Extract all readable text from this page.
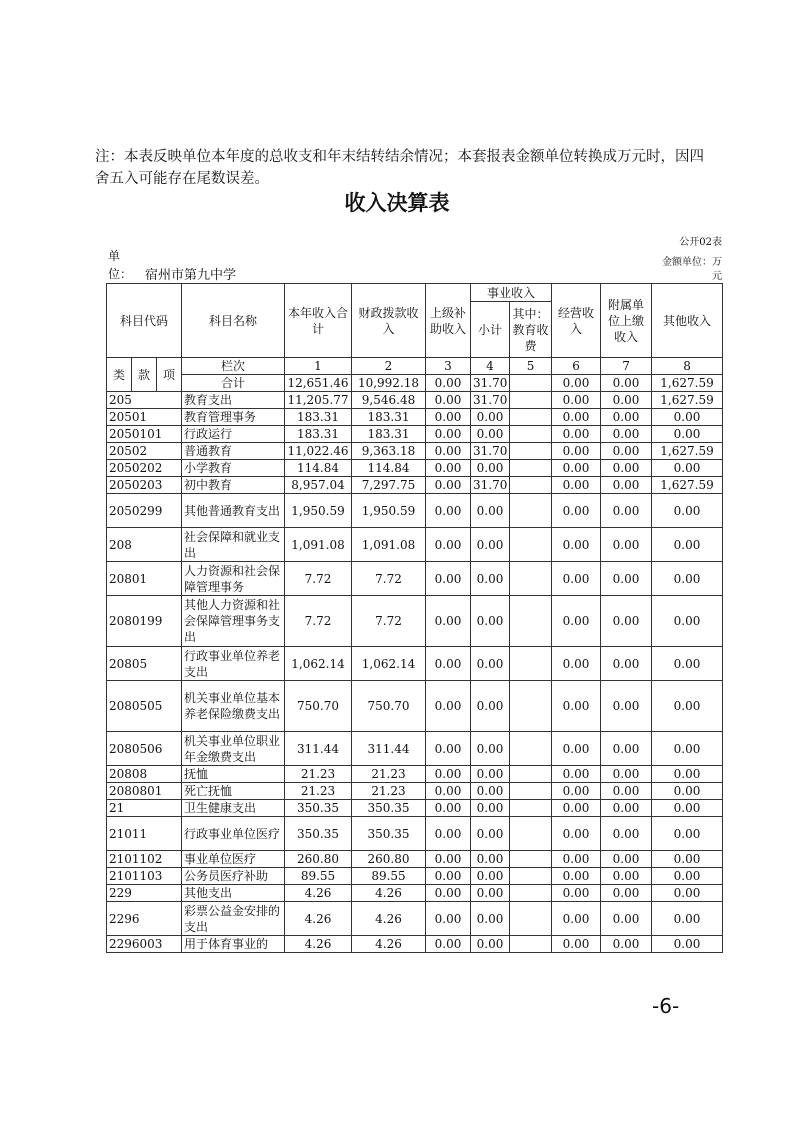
注：本表反映单位本年度的总收支和年末结转结余情况；本套报表金额单位转换成万元时，因四舍五入可能存在尾数误差。
收入决算表
公开02表
单
位： 宿州市第九中学
金额单位：万元
科目代码			科目名称	本年收入合计	财政拨款收入	上级补助收入	事业收入		经营收入	附属单位上缴收入	其他收入
							小计	其中：教育收费			
类	款	项	栏次	1	2	3	4	5	6	7	8
			合计	12,651.46	10,992.18	0.00	31.70		0.00	0.00	1,627.59
205			教育支出	11,205.77	9,546.48	0.00	31.70		0.00	0.00	1,627.59
20501			教育管理事务	183.31	183.31	0.00	0.00		0.00	0.00	0.00
2050101			行政运行	183.31	183.31	0.00	0.00		0.00	0.00	0.00
20502			普通教育	11,022.46	9,363.18	0.00	31.70		0.00	0.00	1,627.59
2050202			小学教育	114.84	114.84	0.00	0.00		0.00	0.00	0.00
2050203			初中教育	8,957.04	7,297.75	0.00	31.70		0.00	0.00	1,627.59
2050299			其他普通教育支出	1,950.59	1,950.59	0.00	0.00		0.00	0.00	0.00
208			社会保障和就业支出	1,091.08	1,091.08	0.00	0.00		0.00	0.00	0.00
20801			人力资源和社会保障管理事务	7.72	7.72	0.00	0.00		0.00	0.00	0.00
2080199			其他人力资源和社会保障管理事务支出	7.72	7.72	0.00	0.00		0.00	0.00	0.00
20805			行政事业单位养老支出	1,062.14	1,062.14	0.00	0.00		0.00	0.00	0.00
2080505			机关事业单位基本养老保险缴费支出	750.70	750.70	0.00	0.00		0.00	0.00	0.00
2080506			机关事业单位职业年金缴费支出	311.44	311.44	0.00	0.00		0.00	0.00	0.00
20808			抚恤	21.23	21.23	0.00	0.00		0.00	0.00	0.00
2080801			死亡抚恤	21.23	21.23	0.00	0.00		0.00	0.00	0.00
21			卫生健康支出	350.35	350.35	0.00	0.00		0.00	0.00	0.00
21011			行政事业单位医疗	350.35	350.35	0.00	0.00		0.00	0.00	0.00
2101102			事业单位医疗	260.80	260.80	0.00	0.00		0.00	0.00	0.00
2101103			公务员医疗补助	89.55	89.55	0.00	0.00		0.00	0.00	0.00
229			其他支出	4.26	4.26	0.00	0.00		0.00	0.00	0.00
2296			彩票公益金安排的支出	4.26	4.26	0.00	0.00		0.00	0.00	0.00
2296003			用于体育事业的	4.26	4.26	0.00	0.00		0.00	0.00	0.00
-6-
